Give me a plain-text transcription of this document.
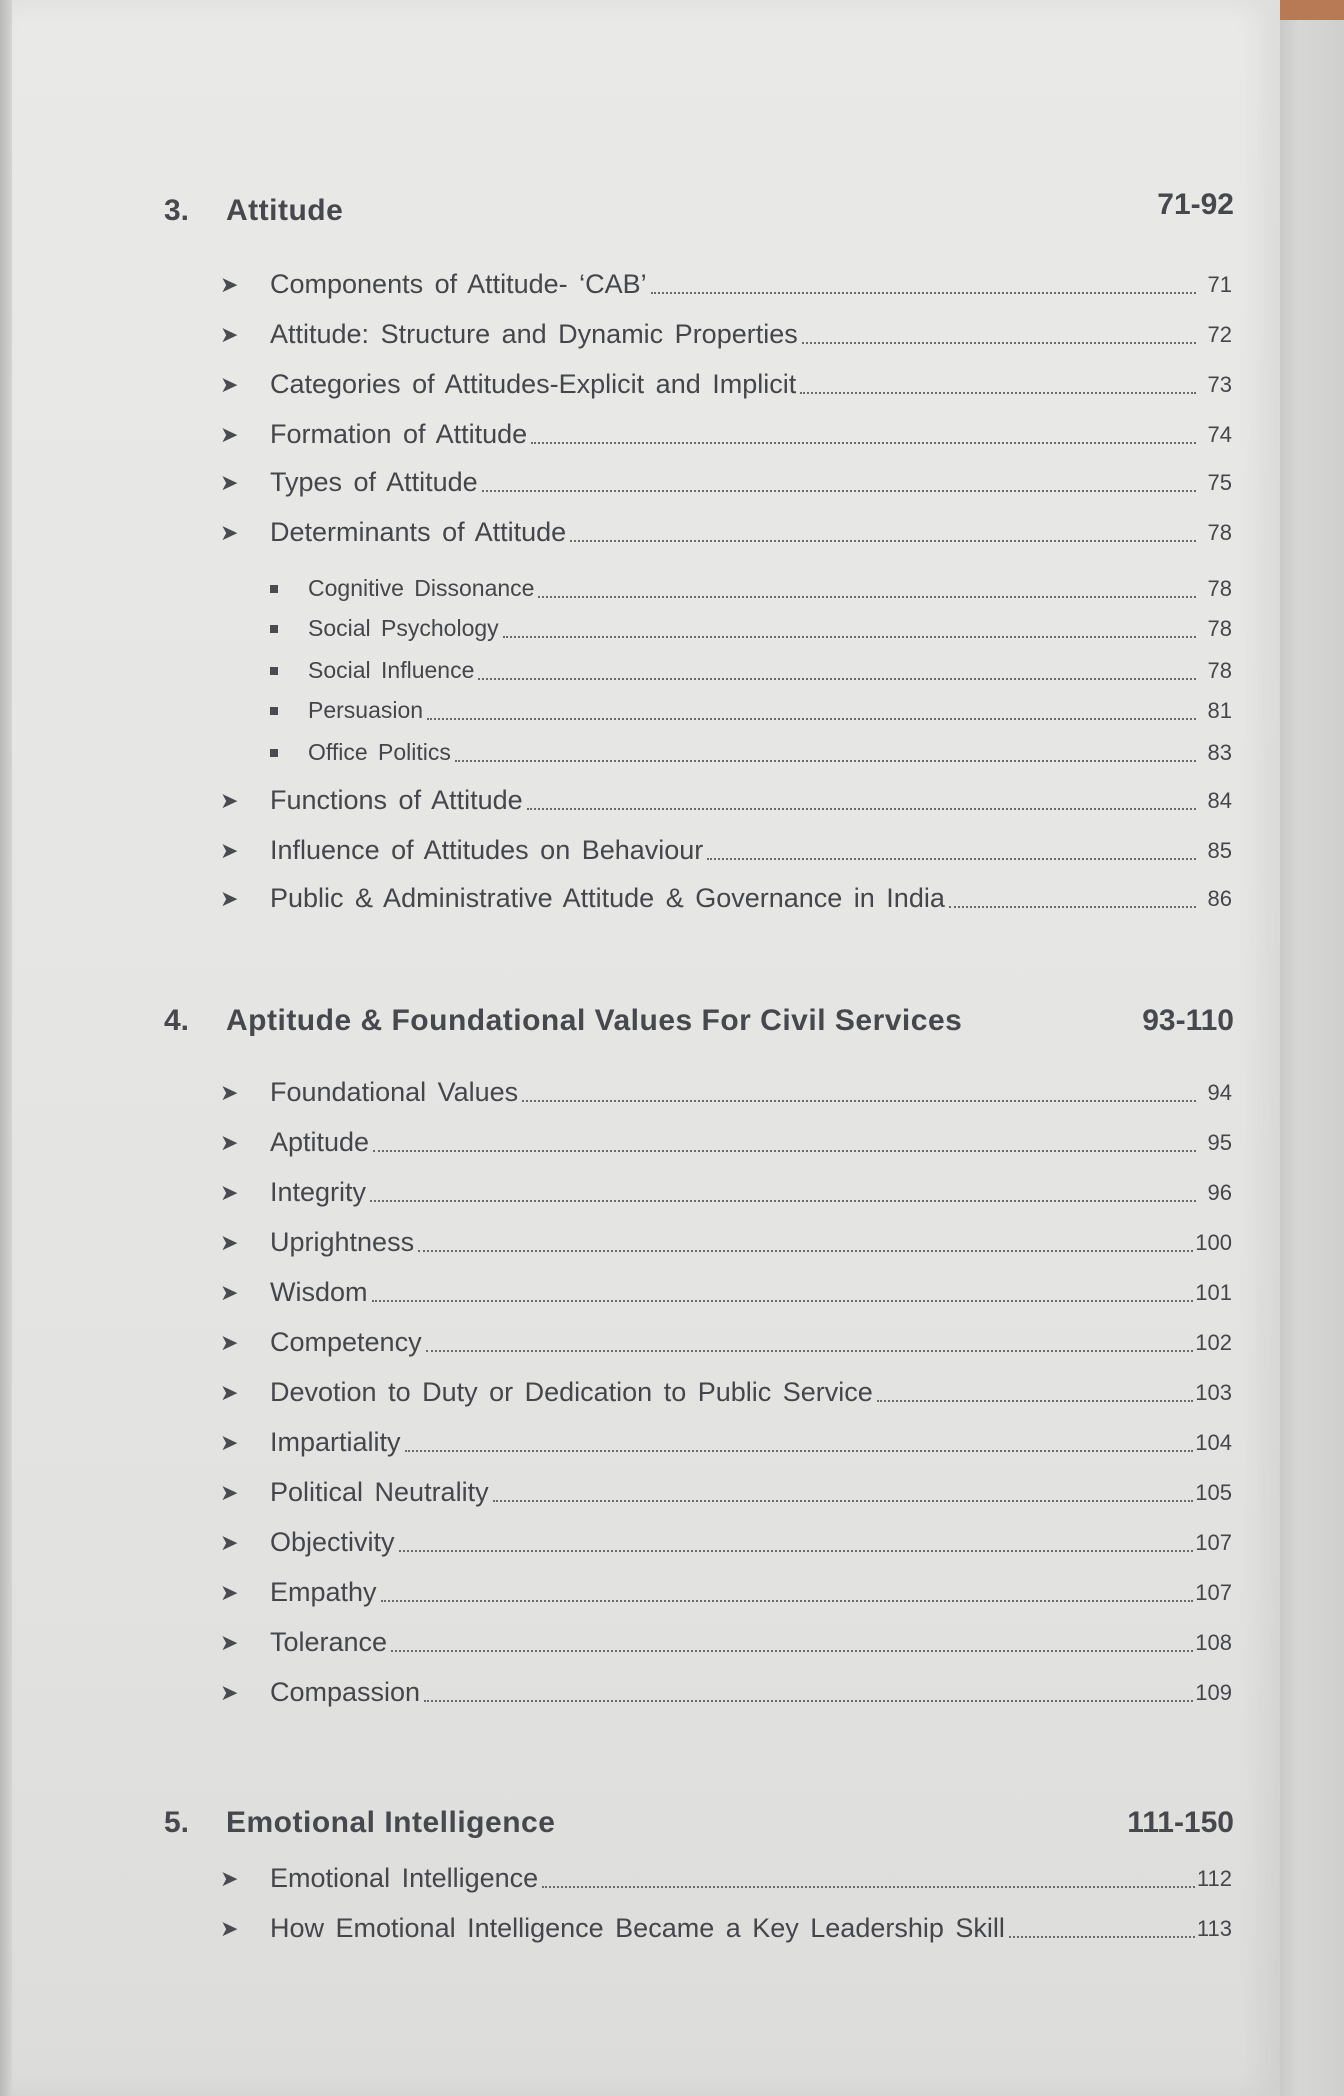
3. Attitude	71-92
➤	Components of Attitude- ‘CAB’	71
➤	Attitude: Structure and Dynamic Properties	72
➤	Categories of Attitudes-Explicit and Implicit	73
➤	Formation of Attitude	74
➤	Types of Attitude	75
➤	Determinants of Attitude	78
Cognitive Dissonance	78
Social Psychology	78
Social Influence	78
Persuasion	81
Office Politics	83
➤	Functions of Attitude	84
➤	Influence of Attitudes on Behaviour	85
➤	Public & Administrative Attitude & Governance in India	86
4. Aptitude & Foundational Values For Civil Services	93-110
➤	Foundational Values	94
➤	Aptitude	95
➤	Integrity	96
➤	Uprightness	100
➤	Wisdom	101
➤	Competency	102
➤	Devotion to Duty or Dedication to Public Service	103
➤	Impartiality	104
➤	Political Neutrality	105
➤	Objectivity	107
➤	Empathy	107
➤	Tolerance	108
➤	Compassion	109
5. Emotional Intelligence	111-150
➤	Emotional Intelligence	112
➤	How Emotional Intelligence Became a Key Leadership Skill	113
